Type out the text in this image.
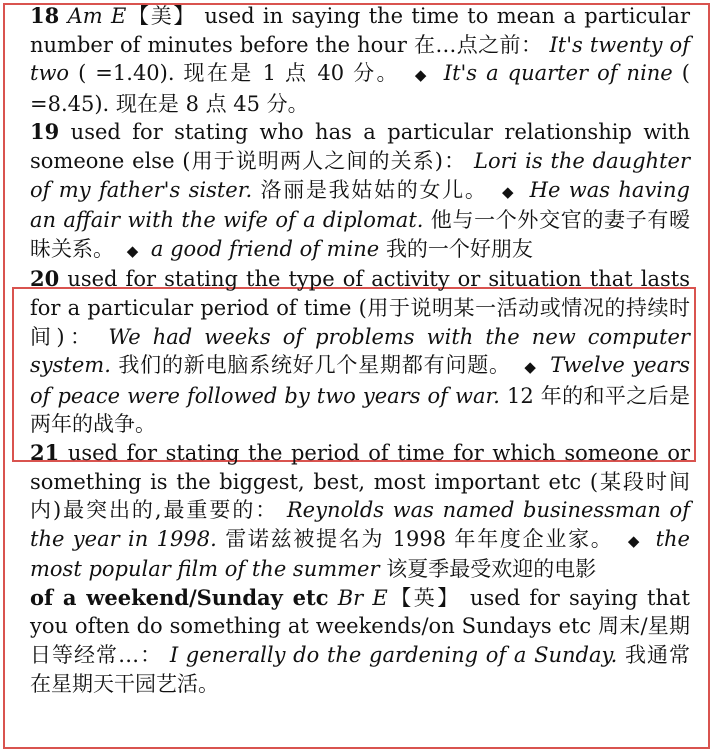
18 Am E【美】 used in saying the time to mean a particular number of minutes before the hour 在…点之前： It's twenty of two ( =1.40). 现在是 1 点 40 分。 ◆ It's a quarter of nine ( =8.45). 现在是 8 点 45 分。
19 used for stating who has a particular relationship with someone else (用于说明两人之间的关系)： Lori is the daughter of my father's sister. 洛丽是我姑姑的女儿。 ◆ He was having an affair with the wife of a diplomat. 他与一个外交官的妻子有暧昧关系。 ◆ a good friend of mine 我的一个好朋友
20 used for stating the type of activity or situation that lasts for a particular period of time (用于说明某一活动或情况的持续时间)： We had weeks of problems with the new computer system. 我们的新电脑系统好几个星期都有问题。 ◆ Twelve years of peace were followed by two years of war. 12 年的和平之后是两年的战争。
21 used for stating the period of time for which someone or something is the biggest, best, most important etc (某段时间内)最突出的,最重要的： Reynolds was named businessman of the year in 1998. 雷诺兹被提名为 1998 年年度企业家。 ◆ the most popular film of the summer 该夏季最受欢迎的电影
of a weekend/Sunday etc Br E【英】 used for saying that you often do something at weekends/on Sundays etc 周末/星期日等经常…： I generally do the gardening of a Sunday. 我通常在星期天干园艺活。
